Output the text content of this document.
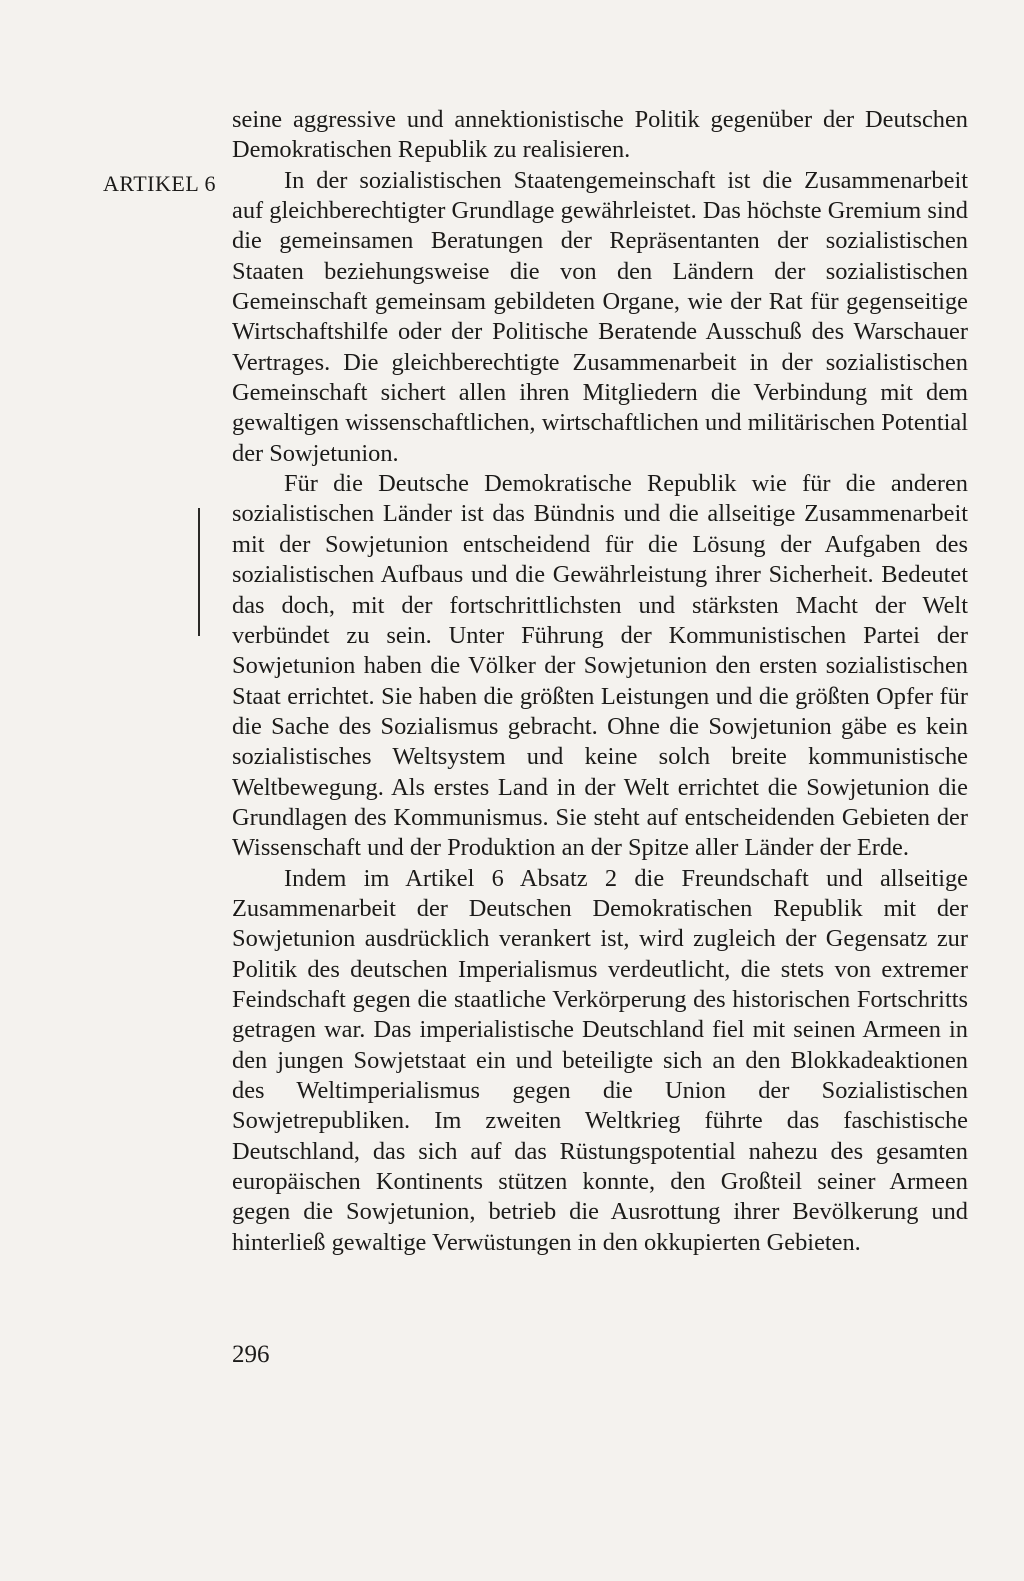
ARTIKEL 6

seine aggressive und annektionistische Politik gegenüber der Deutschen Demokratischen Republik zu realisieren.

In der sozialistischen Staatengemeinschaft ist die Zusammenarbeit auf gleichberechtigter Grundlage gewährleistet. Das höchste Gremium sind die gemeinsamen Beratungen der Repräsentanten der sozialistischen Staaten beziehungsweise die von den Ländern der sozialistischen Gemeinschaft gemeinsam gebildeten Organe, wie der Rat für gegenseitige Wirtschaftshilfe oder der Politische Beratende Ausschuß des Warschauer Vertrages. Die gleichberechtigte Zusammenarbeit in der sozialistischen Gemeinschaft sichert allen ihren Mitgliedern die Verbindung mit dem gewaltigen wissenschaftlichen, wirtschaftlichen und militärischen Potential der Sowjetunion.

Für die Deutsche Demokratische Republik wie für die anderen sozialistischen Länder ist das Bündnis und die allseitige Zusammenarbeit mit der Sowjetunion entscheidend für die Lösung der Aufgaben des sozialistischen Aufbaus und die Gewährleistung ihrer Sicherheit. Bedeutet das doch, mit der fortschrittlichsten und stärksten Macht der Welt verbündet zu sein. Unter Führung der Kommunistischen Partei der Sowjetunion haben die Völker der Sowjetunion den ersten sozialistischen Staat errichtet. Sie haben die größten Leistungen und die größten Opfer für die Sache des Sozialismus gebracht. Ohne die Sowjetunion gäbe es kein sozialistisches Weltsystem und keine solch breite kommunistische Weltbewegung. Als erstes Land in der Welt errichtet die Sowjetunion die Grundlagen des Kommunismus. Sie steht auf entscheidenden Gebieten der Wissenschaft und der Produktion an der Spitze aller Länder der Erde.

Indem im Artikel 6 Absatz 2 die Freundschaft und allseitige Zusammenarbeit der Deutschen Demokratischen Republik mit der Sowjetunion ausdrücklich verankert ist, wird zugleich der Gegensatz zur Politik des deutschen Imperialismus verdeutlicht, die stets von extremer Feindschaft gegen die staatliche Verkörperung des historischen Fortschritts getragen war. Das imperialistische Deutschland fiel mit seinen Armeen in den jungen Sowjetstaat ein und beteiligte sich an den Blokkadeaktionen des Weltimperialismus gegen die Union der Sozialistischen Sowjetrepubliken. Im zweiten Weltkrieg führte das faschistische Deutschland, das sich auf das Rüstungspotential nahezu des gesamten europäischen Kontinents stützen konnte, den Großteil seiner Armeen gegen die Sowjetunion, betrieb die Ausrottung ihrer Bevölkerung und hinterließ gewaltige Verwüstungen in den okkupierten Gebieten.

296
